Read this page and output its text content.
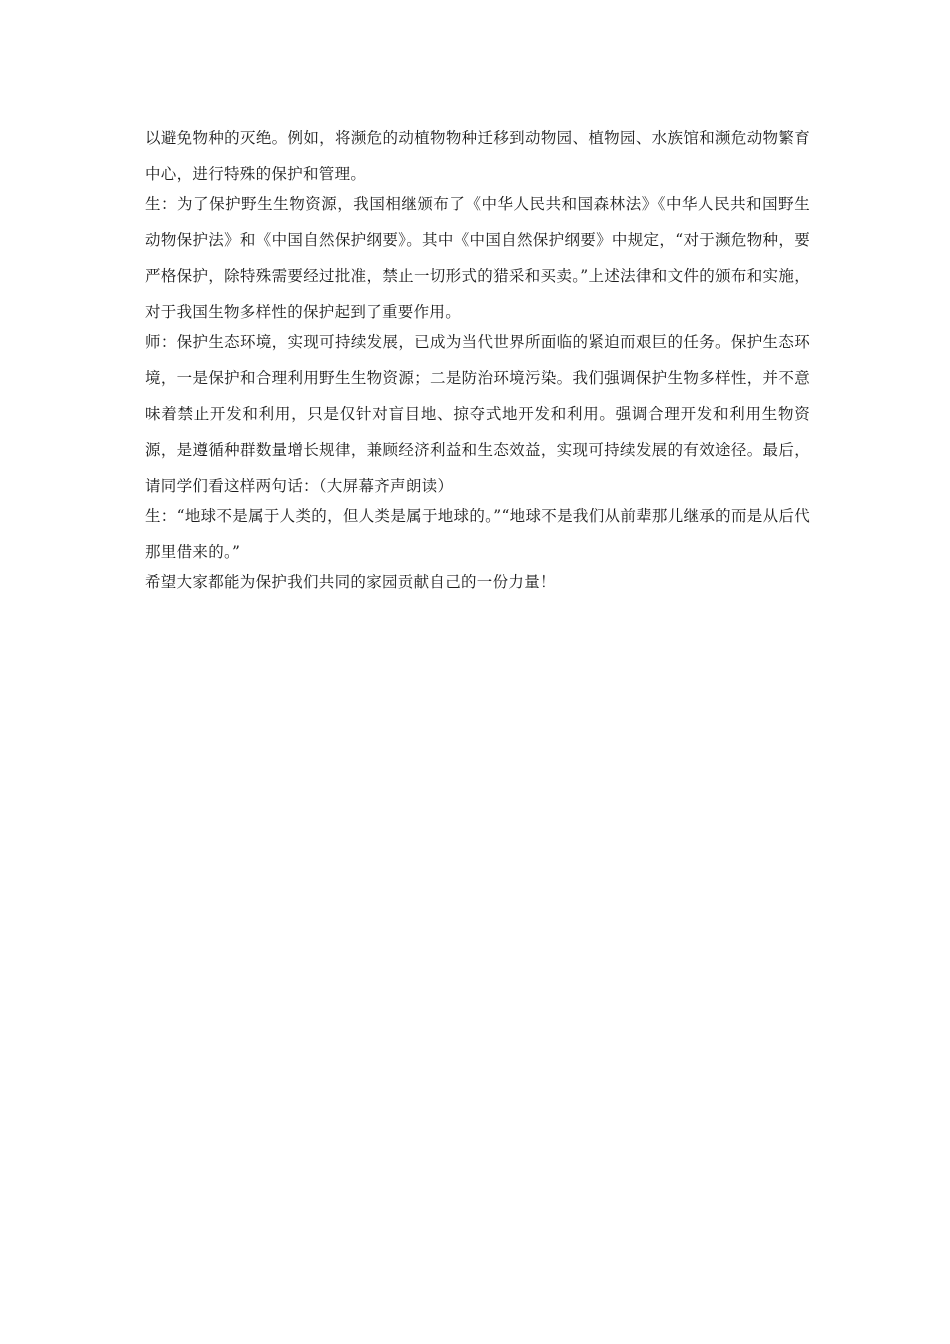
以避免物种的灭绝。例如，将濒危的动植物物种迁移到动物园、植物园、水族馆和濒危动物繁育中心，进行特殊的保护和管理。

生：为了保护野生生物资源，我国相继颁布了《中华人民共和国森林法》《中华人民共和国野生动物保护法》和《中国自然保护纲要》。其中《中国自然保护纲要》中规定，“对于濒危物种，要严格保护，除特殊需要经过批准，禁止一切形式的猎采和买卖。”上述法律和文件的颁布和实施，对于我国生物多样性的保护起到了重要作用。

师：保护生态环境，实现可持续发展，已成为当代世界所面临的紧迫而艰巨的任务。保护生态环境，一是保护和合理利用野生生物资源；二是防治环境污染。我们强调保护生物多样性，并不意味着禁止开发和利用，只是仅针对盲目地、掠夺式地开发和利用。强调合理开发和利用生物资源，是遵循种群数量增长规律，兼顾经济利益和生态效益，实现可持续发展的有效途径。最后，请同学们看这样两句话：（大屏幕齐声朗读）

生：“地球不是属于人类的，但人类是属于地球的。”“地球不是我们从前辈那儿继承的而是从后代那里借来的。”

希望大家都能为保护我们共同的家园贡献自己的一份力量！
